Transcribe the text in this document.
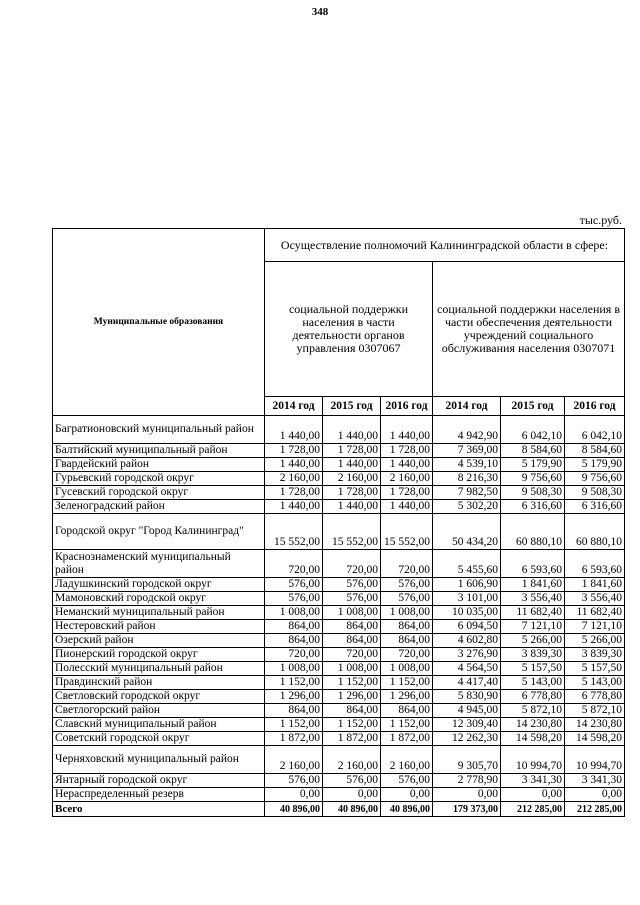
348
тыс.руб.
Муниципальные образования	Осуществление полномочий Калининградской области в сфере:					
	социальной поддержки населения в части деятельности органов управления 0307067			социальной поддержки населения в части обеспечения деятельности учреждений социального обслуживания населения 0307071		
	2014 год	2015 год	2016 год	2014 год	2015 год	2016 год
Багратионовский муниципальный район	1 440,00	1 440,00	1 440,00	4 942,90	6 042,10	6 042,10
Балтийский муниципальный район	1 728,00	1 728,00	1 728,00	7 369,00	8 584,60	8 584,60
Гвардейский район	1 440,00	1 440,00	1 440,00	4 539,10	5 179,90	5 179,90
Гурьевский городской округ	2 160,00	2 160,00	2 160,00	8 216,30	9 756,60	9 756,60
Гусевский городской округ	1 728,00	1 728,00	1 728,00	7 982,50	9 508,30	9 508,30
Зеленоградский район	1 440,00	1 440,00	1 440,00	5 302,20	6 316,60	6 316,60
Городской округ "Город Калининград"	15 552,00	15 552,00	15 552,00	50 434,20	60 880,10	60 880,10
Краснознаменский муниципальный район	720,00	720,00	720,00	5 455,60	6 593,60	6 593,60
Ладушкинский городской округ	576,00	576,00	576,00	1 606,90	1 841,60	1 841,60
Мамоновский городской округ	576,00	576,00	576,00	3 101,00	3 556,40	3 556,40
Неманский муниципальный район	1 008,00	1 008,00	1 008,00	10 035,00	11 682,40	11 682,40
Нестеровский район	864,00	864,00	864,00	6 094,50	7 121,10	7 121,10
Озерский район	864,00	864,00	864,00	4 602,80	5 266,00	5 266,00
Пионерский городской округ	720,00	720,00	720,00	3 276,90	3 839,30	3 839,30
Полесский муниципальный район	1 008,00	1 008,00	1 008,00	4 564,50	5 157,50	5 157,50
Правдинский район	1 152,00	1 152,00	1 152,00	4 417,40	5 143,00	5 143,00
Светловский городской округ	1 296,00	1 296,00	1 296,00	5 830,90	6 778,80	6 778,80
Светлогорский район	864,00	864,00	864,00	4 945,00	5 872,10	5 872,10
Славский муниципальный район	1 152,00	1 152,00	1 152,00	12 309,40	14 230,80	14 230,80
Советский городской округ	1 872,00	1 872,00	1 872,00	12 262,30	14 598,20	14 598,20
Черняховский муниципальный район	2 160,00	2 160,00	2 160,00	9 305,70	10 994,70	10 994,70
Янтарный городской округ	576,00	576,00	576,00	2 778,90	3 341,30	3 341,30
Нераспределенный резерв	0,00	0,00	0,00	0,00	0,00	0,00
Всего	40 896,00	40 896,00	40 896,00	179 373,00	212 285,00	212 285,00
